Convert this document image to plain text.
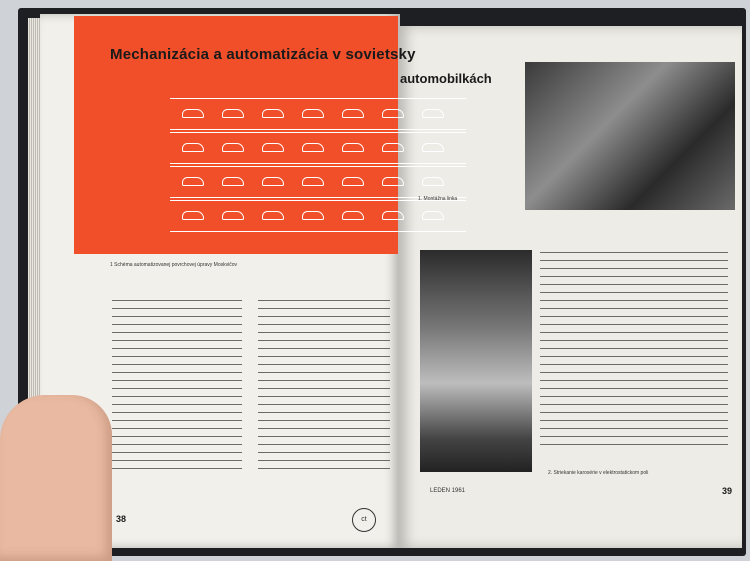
Mechanizácia a automatizácia v sovietsky
automobilkách
1 Schéma automatizovanej povrchovej úpravy Moskvičov
38	ct
1. Montážna linka
2. Striekanie karosérie v elektrostatickom poli
LEDEN 1961	39
